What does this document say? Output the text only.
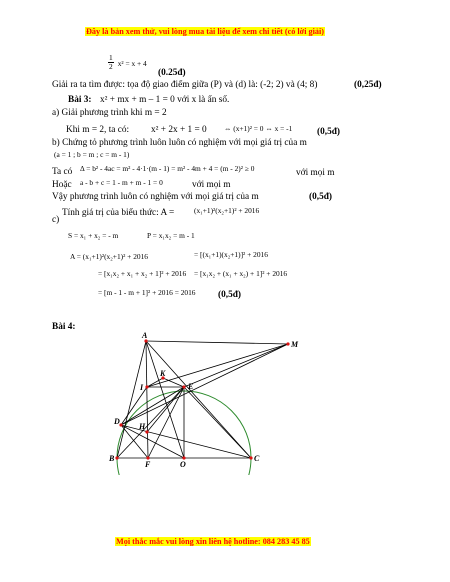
Đây là bản xem thử, vui lòng mua tài liệu để xem chi tiết (có lời giải)
$\frac{1}{2} x^2 = x + 4$
(0.25đ)
Giải ra ta tìm được: tọa độ giao điểm giữa (P) và (d) là: (-2; 2) và (4; 8)	(0,25đ)
Bài 3: x² + mx + m – 1 = 0 với x là ẩn số.
a) Giải phương trình khi m = 2
Khi m = 2, ta có: x² + 2x + 1 = 0 ⇔ (x+1)² = 0 ⇔ x = -1	(0,5đ)
b) Chứng tỏ phương trình luôn luôn có nghiệm với mọi giá trị của m
(a = 1 ; b = m ; c = m - 1)
Ta có Δ = b² - 4ac = m² - 4·1·(m - 1) = m² - 4m + 4 = (m - 2)² ≥ 0	với mọi m
Hoặc a - b + c = 1 - m + m - 1 = 0	với mọi m
Vậy phương trình luôn có nghiệm với mọi giá trị của m	(0,5đ)
c)
Tính giá trị của biểu thức: A =	(x₁+1)²(x₂+1)² + 2016
S = x₁ + x₂ = - m	P = x₁x₂ = m - 1
A = (x₁+1)²(x₂+1)² + 2016	= [(x₁+1)(x₂+1)]² + 2016
= [x₁x₂ + x₁ + x₂ + 1]² + 2016 = [x₁x₂ + (x₁ + x₂) + 1]² + 2016
= [m - 1 - m + 1]² + 2016 = 2016 (0,5đ)
Bài 4:
A
M
K
I	E
D
H
B
F	O
C
Mọi thắc mắc vui lòng xin liên hệ hotline: 084 283 45 85
